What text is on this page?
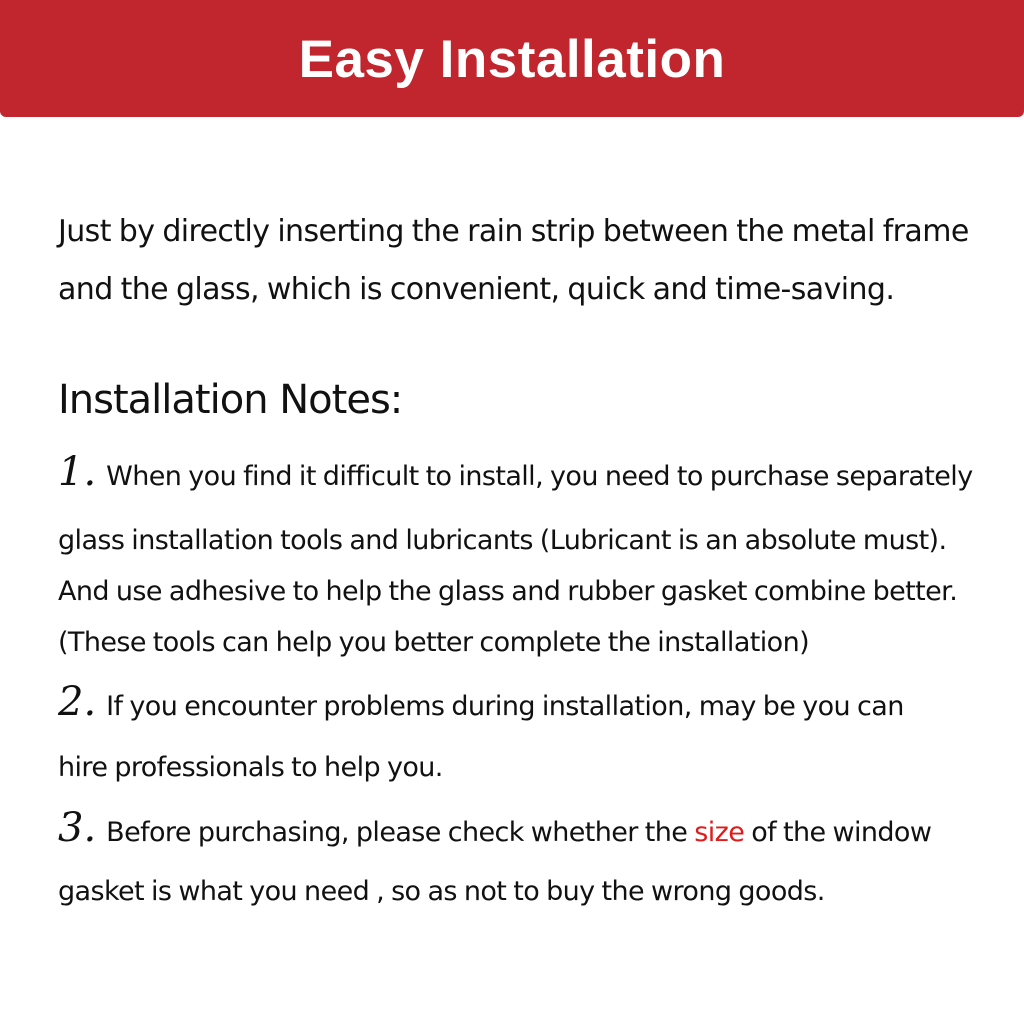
Easy Installation
Just by directly inserting the rain strip between the metal frame
and the glass, which is convenient, quick and time-saving.
Installation Notes:
1. When you find it difficult to install, you need to purchase separately
glass installation tools and lubricants (Lubricant is an absolute must).
And use adhesive to help the glass and rubber gasket combine better.
(These tools can help you better complete the installation)
2. If you encounter problems during installation, may be you can
hire professionals to help you.
3. Before purchasing, please check whether the size of the window
gasket is what you need , so as not to buy the wrong goods.
